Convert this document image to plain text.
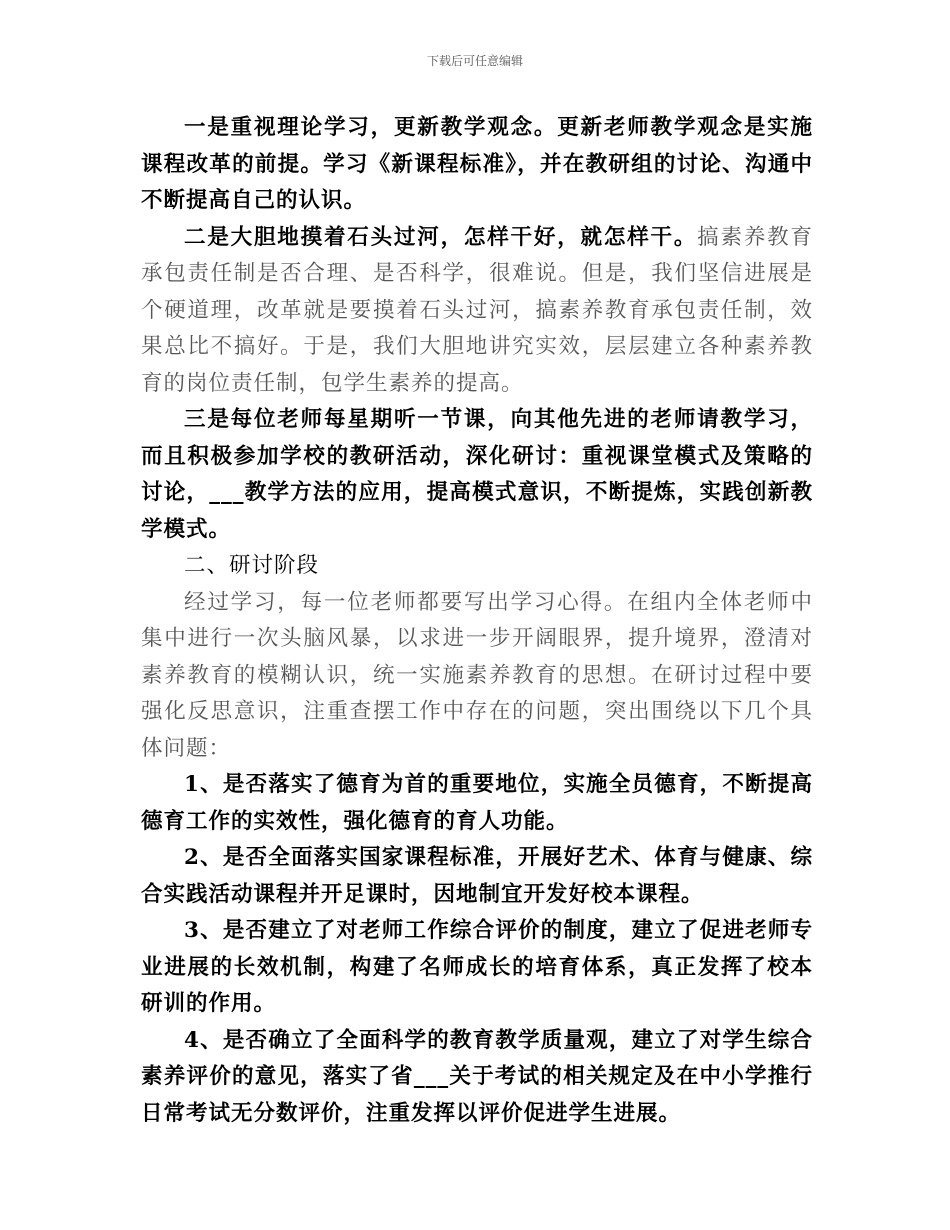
下载后可任意编辑

一是重视理论学习，更新教学观念。更新老师教学观念是实施课程改革的前提。学习《新课程标准》，并在教研组的讨论、沟通中不断提高自己的认识。

二是大胆地摸着石头过河，怎样干好，就怎样干。搞素养教育承包责任制是否合理、是否科学，很难说。但是，我们坚信进展是个硬道理，改革就是要摸着石头过河，搞素养教育承包责任制，效果总比不搞好。于是，我们大胆地讲究实效，层层建立各种素养教育的岗位责任制，包学生素养的提高。

三是每位老师每星期听一节课，向其他先进的老师请教学习，而且积极参加学校的教研活动，深化研讨：重视课堂模式及策略的讨论，___教学方法的应用，提高模式意识，不断提炼，实践创新教学模式。

二、研讨阶段

经过学习，每一位老师都要写出学习心得。在组内全体老师中集中进行一次头脑风暴，以求进一步开阔眼界，提升境界，澄清对素养教育的模糊认识，统一实施素养教育的思想。在研讨过程中要强化反思意识，注重查摆工作中存在的问题，突出围绕以下几个具体问题：

1、是否落实了德育为首的重要地位，实施全员德育，不断提高德育工作的实效性，强化德育的育人功能。

2、是否全面落实国家课程标准，开展好艺术、体育与健康、综合实践活动课程并开足课时，因地制宜开发好校本课程。

3、是否建立了对老师工作综合评价的制度，建立了促进老师专业进展的长效机制，构建了名师成长的培育体系，真正发挥了校本研训的作用。

4、是否确立了全面科学的教育教学质量观，建立了对学生综合素养评价的意见，落实了省___关于考试的相关规定及在中小学推行日常考试无分数评价，注重发挥以评价促进学生进展。
